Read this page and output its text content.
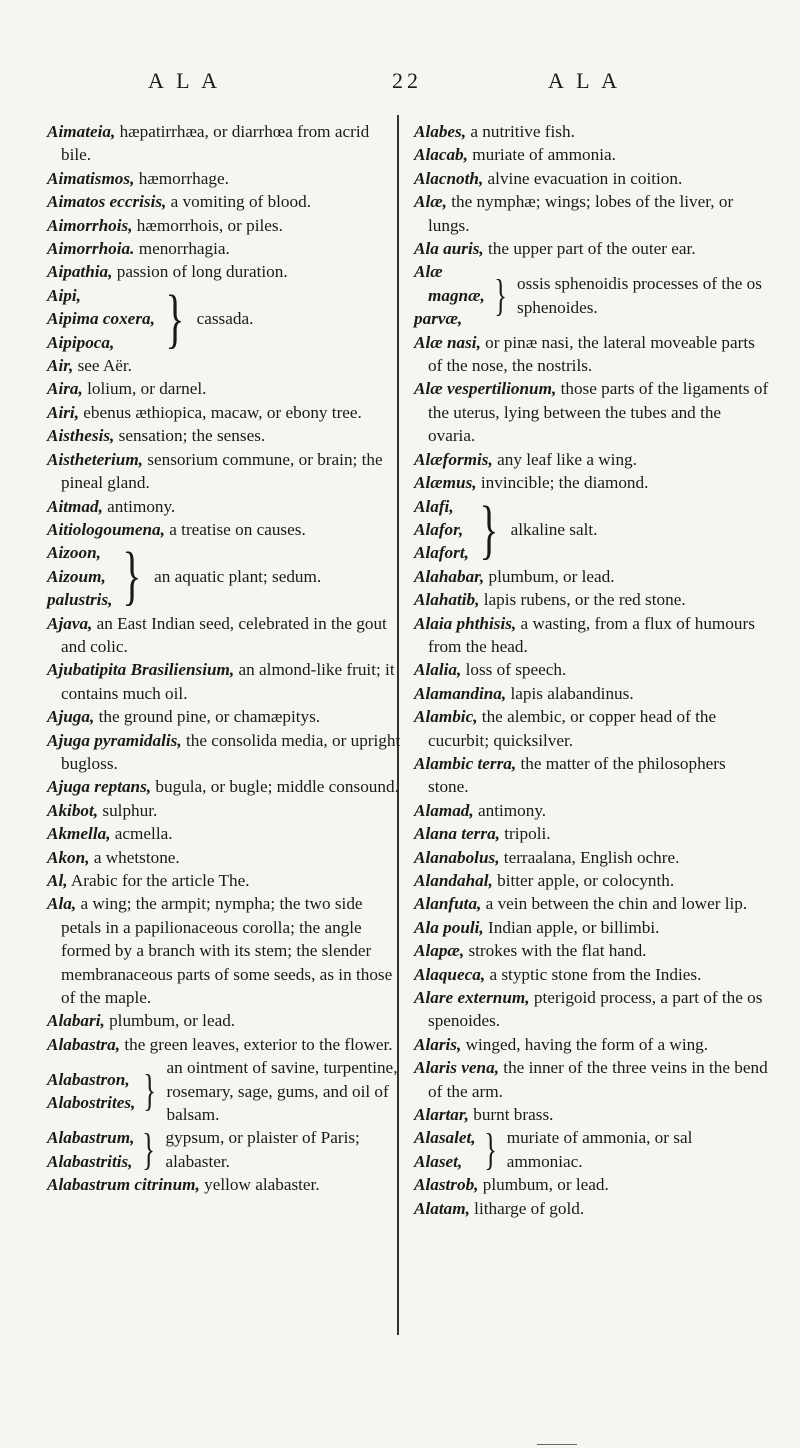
A L A	22	A L A

Aimateia, hæpatirrhæa, or diarrhœa from acrid bile.

Aimatismos, hæmorrhage.

Aimatos eccrisis, a vomiting of blood.

Aimorrhois, hæmorrhois, or piles.

Aimorrhoia. menorrhagia.

Aipathia, passion of long duration.

Aipi,
Aipima coxera,
Aipipoca, } cassada.

Air, see Aër.

Aira, lolium, or darnel.

Airi, ebenus æthiopica, macaw, or ebony tree.

Aisthesis, sensation; the senses.

Aistheterium, sensorium commune, or brain; the pineal gland.

Aitmad, antimony.

Aitiologoumena, a treatise on causes.

Aizoon,
Aizoum,
palustris, } an aquatic plant; sedum.

Ajava, an East Indian seed, celebrated in the gout and colic.

Ajubatipita Brasiliensium, an almond-like fruit; it contains much oil.

Ajuga, the ground pine, or chamæpitys.

Ajuga pyramidalis, the consolida media, or upright bugloss.

Ajuga reptans, bugula, or bugle; middle consound.

Akibot, sulphur.

Akmella, acmella.

Akon, a whetstone.

Al, Arabic for the article The.

Ala, a wing; the armpit; nympha; the two side petals in a papilionaceous corolla; the angle formed by a branch with its stem; the slender membranaceous parts of some seeds, as in those of the maple.

Alabari, plumbum, or lead.

Alabastra, the green leaves, exterior to the flower.

Alabastron,
Alabostrites, } an ointment of savine, turpentine, rosemary, sage, gums, and oil of balsam.
Alabastrum,
Alabastritis, } gypsum, or plaister of Paris; alabaster.

Alabastrum citrinum, yellow alabaster.

Alabes, a nutritive fish.

Alacab, muriate of ammonia.

Alacnoth, alvine evacuation in coition.

Alæ, the nymphæ; wings; lobes of the liver, or lungs.

Ala auris, the upper part of the outer ear.

Alæ magnæ,
parvæ, } ossis sphenoidis processes of the os sphenoides.

Alæ nasi, or pinæ nasi, the lateral moveable parts of the nose, the nostrils.

Alæ vespertilionum, those parts of the ligaments of the uterus, lying between the tubes and the ovaria.

Alæformis, any leaf like a wing.

Alæmus, invincible; the diamond.

Alafi,
Alafor,
Alafort, } alkaline salt.

Alahabar, plumbum, or lead.

Alahatib, lapis rubens, or the red stone.

Alaia phthisis, a wasting, from a flux of humours from the head.

Alalia, loss of speech.

Alamandina, lapis alabandinus.

Alambic, the alembic, or copper head of the cucurbit; quicksilver.

Alambic terra, the matter of the philosophers stone.

Alamad, antimony.

Alana terra, tripoli.

Alanabolus, terraalana, English ochre.

Alandahal, bitter apple, or colocynth.

Alanfuta, a vein between the chin and lower lip.

Ala pouli, Indian apple, or billimbi.

Alapæ, strokes with the flat hand.

Alaqueca, a styptic stone from the Indies.

Alare externum, pterigoid process, a part of the os spenoides.

Alaris, winged, having the form of a wing.

Alaris vena, the inner of the three veins in the bend of the arm.

Alartar, burnt brass.

Alasalet,
Alaset, } muriate of ammonia, or sal ammoniac.

Alastrob, plumbum, or lead.

Alatam, litharge of gold.
